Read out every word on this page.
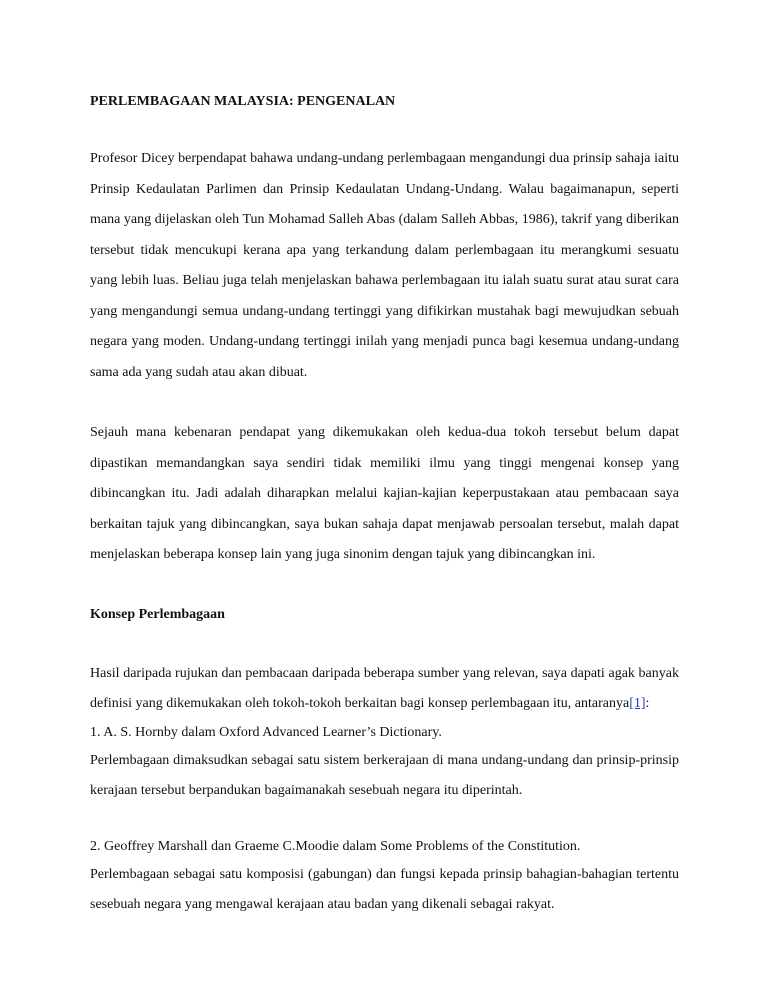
PERLEMBAGAAN MALAYSIA: PENGENALAN

Profesor Dicey berpendapat bahawa undang-undang perlembagaan mengandungi dua prinsip sahaja iaitu Prinsip Kedaulatan Parlimen dan Prinsip Kedaulatan Undang-Undang. Walau bagaimanapun, seperti mana yang dijelaskan oleh Tun Mohamad Salleh Abas (dalam Salleh Abbas, 1986), takrif yang diberikan tersebut tidak mencukupi kerana apa yang terkandung dalam perlembagaan itu merangkumi sesuatu yang lebih luas. Beliau juga telah menjelaskan bahawa perlembagaan itu ialah suatu surat atau surat cara yang mengandungi semua undang-undang tertinggi yang difikirkan mustahak bagi mewujudkan sebuah negara yang moden. Undang-undang tertinggi inilah yang menjadi punca bagi kesemua undang-undang sama ada yang sudah atau akan dibuat.

Sejauh mana kebenaran pendapat yang dikemukakan oleh kedua-dua tokoh tersebut belum dapat dipastikan memandangkan saya sendiri tidak memiliki ilmu yang tinggi mengenai konsep yang dibincangkan itu. Jadi adalah diharapkan melalui kajian-kajian keperpustakaan atau pembacaan saya berkaitan tajuk yang dibincangkan, saya bukan sahaja dapat menjawab persoalan tersebut, malah dapat menjelaskan beberapa konsep lain yang juga sinonim dengan tajuk yang dibincangkan ini.

Konsep Perlembagaan

Hasil daripada rujukan dan pembacaan daripada beberapa sumber yang relevan, saya dapati agak banyak definisi yang dikemukakan oleh tokoh-tokoh berkaitan bagi konsep perlembagaan itu, antaranya[1]:

1. A. S. Hornby dalam Oxford Advanced Learner’s Dictionary.

Perlembagaan dimaksudkan sebagai satu sistem berkerajaan di mana undang-undang dan prinsip-prinsip kerajaan tersebut berpandukan bagaimanakah sesebuah negara itu diperintah.

2. Geoffrey Marshall dan Graeme C.Moodie dalam Some Problems of the Constitution.

Perlembagaan sebagai satu komposisi (gabungan) dan fungsi kepada prinsip bahagian-bahagian tertentu sesebuah negara yang mengawal kerajaan atau badan yang dikenali sebagai rakyat.
